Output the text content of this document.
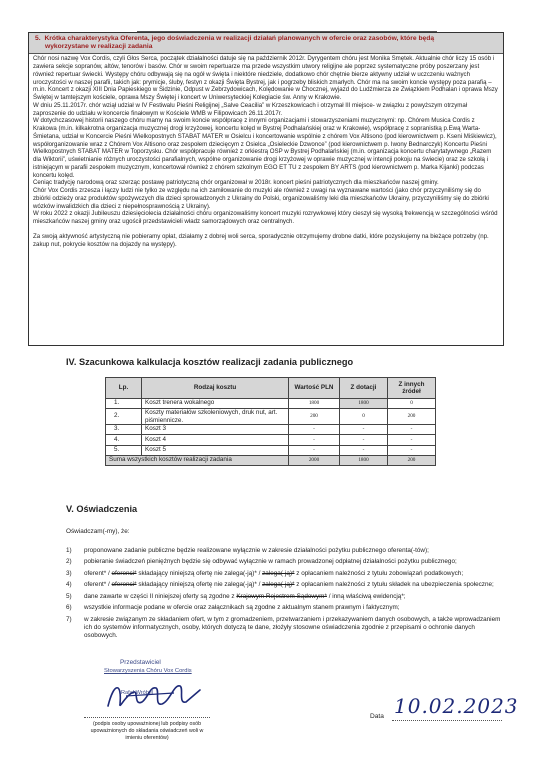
5. Krótka charakterystyka Oferenta, jego doświadczenia w realizacji działań planowanych w ofercie oraz zasobów, które będą
wykorzystane w realizacji zadania

Chór nosi nazwę Vox Cordis, czyli Głos Serca, początek działalności datuje się na październik 2012r. Dyrygentem chóru jest Monika Smętek. Aktualnie chór liczy 15 osób i zawiera sekcje sopranów, altów, tenorów i basów. Chór w swoim repertuarze ma przede wszystkim utwory religijne ale poprzez systematyczne próby poszerzany jest również repertuar świecki. Występy chóru odbywają się na ogół w święta i niektóre niedziele, dodatkowo chór chętnie bierze aktywny udział w uczczeniu ważnych uroczystości w naszej parafii, takich jak: prymicje, śluby, festyn z okazji Święta Bystrej, jak i pogrzeby bliskich zmarłych. Chór ma na swoim koncie występy poza parafią – m.in. Koncert z okazji XIII Dnia Papieskiego w Sidzinie, Odpust w Zebrzydowicach, Kolędowanie w Chocznej, wyjazd do Ludźmierza ze Związkiem Podhalan i oprawa Mszy Świętej w tamtejszym kościele, oprawa Mszy Świętej i koncert w Uniwersyteckiej Kolegiacie św. Anny w Krakowie.

W dniu 25.11.2017r. chór wziął udział w IV Festiwalu Pieśni Religijnej „Salve Ceacilia” w Krzeszkowicach i otrzymał III miejsce- w związku z powyższym otrzymał zaproszenie do udziału w koncercie finałowym w Kościele WMB w Filipowicach 26.11.2017r.

W dotychczasowej historii naszego chóru mamy na swoim koncie współpracę z innymi organizacjami i stowarzyszeniami muzycznymi: np. Chórem Musica Cordis z Krakowa (m.in. kilkakrotna organizacja muzycznej drogi krzyżowej, koncertu kolęd w Bystrej Podhalańskiej oraz w Krakowie), współpracę z sopranistką p.Ewą Warta-Śmietana, udział w Koncercie Pieśni Wielkopostnych STABAT MATER w Osielcu i koncertowanie wspólnie z chórem Vox Altisono (pod kierownictwem p. Kseni Miśkiewicz), współorganizowanie wraz z Chórem Vox Altisono oraz zespołem dziecięcym z Osielca „Osieleckie Dzwonce” (pod kierownictwem p. Iwony Bednarczyk) Koncertu Pieśni Wielkopostnych STABAT MATER w Toporzysku. Chór współpracuje również z orkiestrą OSP w Bystrej Podhalańskiej (m.in. organizacja koncertu charytatywnego „Razem dla Wiktorii”, uświetnianie różnych uroczystości parafialnych, wspólne organizowanie drogi krzyżowej w oprawie muzycznej w intencji pokoju na świecie) oraz ze szkołą i istniejącym w parafii zespołem muzycznym, koncertował również z chórem szkolnym EGO ET TU z zespołem BY ARTS (pod kierownictwem p. Marka Kijanki) podczas koncertu kolęd.

Ceniąc tradycję narodową oraz szerząc postawę patriotyczną chór organizował w 2018r. koncert pieśni patriotycznych dla mieszkańców naszej gminy.

Chór Vox Cordis zrzesza i łączy ludzi nie tylko ze względu na ich zamiłowanie do muzyki ale również z uwagi na wyznawane wartości (jako chór przyczyniliśmy się do zbiórki odzieży oraz produktów spożywczych dla dzieci sprowadzonych z Ukrainy do Polski, organizowaliśmy leki dla mieszkańców Ukrainy, przyczyniliśmy się do zbiórki wózków inwalidzkich dla dzieci z niepełnosprawnością z Ukrainy).

W roku 2022 z okazji Jubileuszu dziesięciolecia działalności chóru organizowaliśmy koncert muzyki rozrywkowej który cieszył się wysoką frekwencją w szczególności wśród mieszkańców naszej gminy oraz ugościł przedstawicieli władz samorządowych oraz centralnych.

Za swoją aktywność artystyczną nie pobieramy opłat, działamy z dobrej woli serca, sporadycznie otrzymujemy drobne datki, które pozyskujemy na bieżące potrzeby (np. zakup nut, pokrycie kosztów na dojazdy na występy).

IV. Szacunkowa kalkulacja kosztów realizacji zadania publicznego
Lp.	Rodzaj kosztu	Wartość PLN	Z dotacji	Z innych źródeł
1.	Koszt trenera wokalnego	1800	1800	0
2.	Koszty materiałów szkoleniowych, druk nut, art. piśmiennicze.	200	0	200
3.	Koszt 3	-	-	-
4.	Koszt 4	-	-	-
5.	Koszt 5	-	-	-
Suma wszystkich kosztów realizacji zadania		2000	1800	200
V. Oświadczenia
Oświadczam(-my), że:
1) proponowane zadanie publiczne będzie realizowane wyłącznie w zakresie działalności pożytku publicznego oferenta(-tów);
2) pobieranie świadczeń pieniężnych będzie się odbywać wyłącznie w ramach prowadzonej odpłatnej działalności pożytku publicznego;
3) oferent* / oferenci* składający niniejszą ofertę nie zalega(-ją)* / zalega(-ją)* z opłacaniem należności z tytułu zobowiązań podatkowych;
4) oferent* / oferenci* składający niniejszą ofertę nie zalega(-ją)* / zalega(-ją)* z opłacaniem należności z tytułu składek na ubezpieczenia społeczne;
5) dane zawarte w części II niniejszej oferty są zgodne z Krajowym Rejestrem Sądowym* / inną właściwą ewidencją*;
6) wszystkie informacje podane w ofercie oraz załącznikach są zgodne z aktualnym stanem prawnym i faktycznym;
7) w zakresie związanym ze składaniem ofert, w tym z gromadzeniem, przetwarzaniem i przekazywaniem danych osobowych, a także wprowadzaniem ich do systemów informatycznych, osoby, których dotyczą te dane, złożyły stosowne oświadczenia zgodnie z przepisami o ochronie danych osobowych.
Przedstawiciel
Stowarzyszenia Chóru Vox Cordis
Rafał Wróbel
(podpis osoby upoważnionej lub podpisy osób upoważnionych do składania oświadczeń woli w imieniu oferentów)
10.02.2023
Data
